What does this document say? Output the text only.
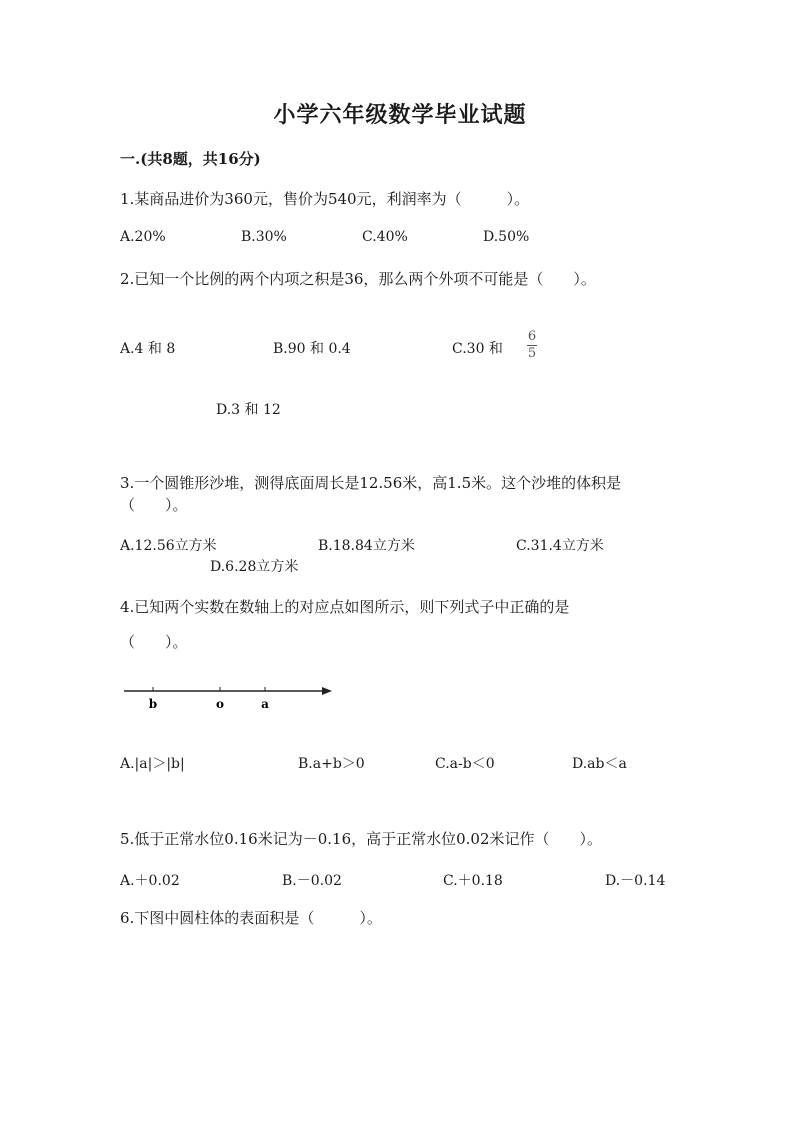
小学六年级数学毕业试题
一.(共8题，共16分)
1.某商品进价为360元，售价为540元，利润率为（　　　）。
A.20%	B.30%	C.40%	D.50%
2.已知一个比例的两个内项之积是36，那么两个外项不可能是（　　）。
A.4 和 8	B.90 和 0.4	C.30 和
6
5
D.3 和 12
3.一个圆锥形沙堆，测得底面周长是12.56米，高1.5米。这个沙堆的体积是
（　　）。
A.12.56立方米	B.18.84立方米	C.31.4立方米
D.6.28立方米
4.已知两个实数在数轴上的对应点如图所示，则下列式子中正确的是
（　　）。
b	o	a
A.|a|＞|b|	B.a+b＞0	C.a-b＜0	D.ab＜a
5.低于正常水位0.16米记为－0.16，高于正常水位0.02米记作（　　）。
A.＋0.02	B.－0.02	C.＋0.18	D.－0.14
6.下图中圆柱体的表面积是（　　　）。
